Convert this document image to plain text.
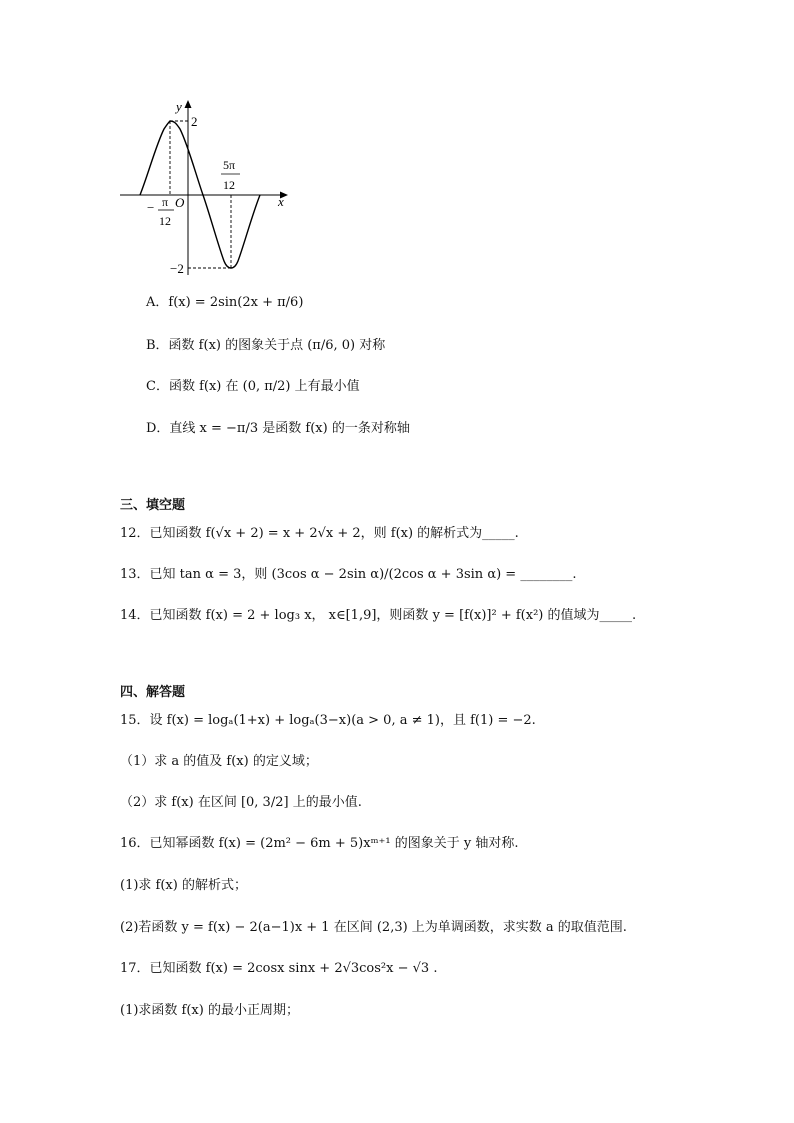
y
x
O
2
−2
− π
12
5π
12
A．f(x) = 2sin(2x + π/6)
B．函数 f(x) 的图象关于点 (π/6, 0) 对称
C．函数 f(x) 在 (0, π/2) 上有最小值
D．直线 x = −π/3 是函数 f(x) 的一条对称轴
三、填空题
12．已知函数 f(√x + 2) = x + 2√x + 2，则 f(x) 的解析式为_____.
13．已知 tan α = 3，则 (3cos α − 2sin α)/(2cos α + 3sin α) = ________.
14．已知函数 f(x) = 2 + log₃ x， x∈[1,9]，则函数 y = [f(x)]² + f(x²) 的值域为_____.
四、解答题
15．设 f(x) = logₐ(1+x) + logₐ(3−x)(a > 0, a ≠ 1)，且 f(1) = −2.
（1）求 a 的值及 f(x) 的定义域；
（2）求 f(x) 在区间 [0, 3/2] 上的最小值.
16．已知幂函数 f(x) = (2m² − 6m + 5)xᵐ⁺¹ 的图象关于 y 轴对称.
(1)求 f(x) 的解析式；
(2)若函数 y = f(x) − 2(a−1)x + 1 在区间 (2,3) 上为单调函数，求实数 a 的取值范围.
17．已知函数 f(x) = 2cosx sinx + 2√3cos²x − √3 .
(1)求函数 f(x) 的最小正周期；
